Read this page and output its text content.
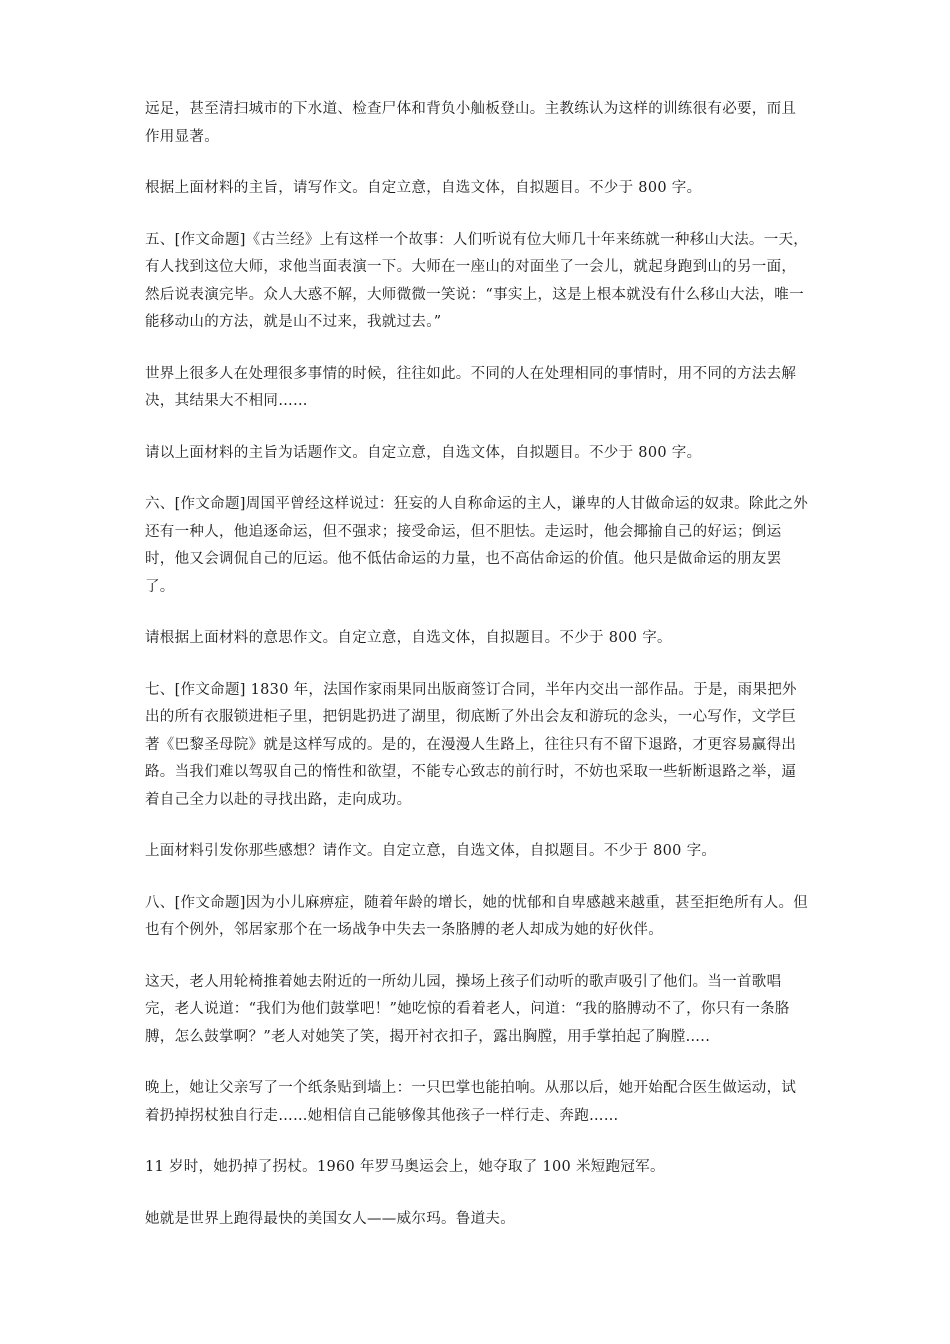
远足，甚至清扫城市的下水道、检查尸体和背负小舢板登山。主教练认为这样的训练很有必要，而且作用显著。

根据上面材料的主旨，请写作文。自定立意，自选文体，自拟题目。不少于 800 字。

五、[作文命题]《古兰经》上有这样一个故事：人们听说有位大师几十年来练就一种移山大法。一天，有人找到这位大师，求他当面表演一下。大师在一座山的对面坐了一会儿，就起身跑到山的另一面，然后说表演完毕。众人大惑不解，大师微微一笑说：“事实上，这是上根本就没有什么移山大法，唯一能移动山的方法，就是山不过来，我就过去。”

世界上很多人在处理很多事情的时候，往往如此。不同的人在处理相同的事情时，用不同的方法去解决，其结果大不相同……

请以上面材料的主旨为话题作文。自定立意，自选文体，自拟题目。不少于 800 字。

六、[作文命题]周国平曾经这样说过：狂妄的人自称命运的主人，谦卑的人甘做命运的奴隶。除此之外还有一种人，他追逐命运，但不强求；接受命运，但不胆怯。走运时，他会揶揄自己的好运；倒运时，他又会调侃自己的厄运。他不低估命运的力量，也不高估命运的价值。他只是做命运的朋友罢了。

请根据上面材料的意思作文。自定立意，自选文体，自拟题目。不少于 800 字。

七、[作文命题] 1830 年，法国作家雨果同出版商签订合同，半年内交出一部作品。于是，雨果把外出的所有衣服锁进柜子里，把钥匙扔进了湖里，彻底断了外出会友和游玩的念头，一心写作，文学巨著《巴黎圣母院》就是这样写成的。是的，在漫漫人生路上，往往只有不留下退路，才更容易赢得出路。当我们难以驾驭自己的惰性和欲望，不能专心致志的前行时，不妨也采取一些斩断退路之举，逼着自己全力以赴的寻找出路，走向成功。

上面材料引发你那些感想？请作文。自定立意，自选文体，自拟题目。不少于 800 字。

八、[作文命题]因为小儿麻痹症，随着年龄的增长，她的忧郁和自卑感越来越重，甚至拒绝所有人。但也有个例外，邻居家那个在一场战争中失去一条胳膊的老人却成为她的好伙伴。

这天，老人用轮椅推着她去附近的一所幼儿园，操场上孩子们动听的歌声吸引了他们。当一首歌唱完，老人说道：“我们为他们鼓掌吧！”她吃惊的看着老人，问道：“我的胳膊动不了，你只有一条胳膊，怎么鼓掌啊？”老人对她笑了笑，揭开衬衣扣子，露出胸膛，用手掌拍起了胸膛…..

晚上，她让父亲写了一个纸条贴到墙上：一只巴掌也能拍响。从那以后，她开始配合医生做运动，试着扔掉拐杖独自行走……她相信自己能够像其他孩子一样行走、奔跑……

11 岁时，她扔掉了拐杖。1960 年罗马奥运会上，她夺取了 100 米短跑冠军。

她就是世界上跑得最快的美国女人——威尔玛。鲁道夫。
